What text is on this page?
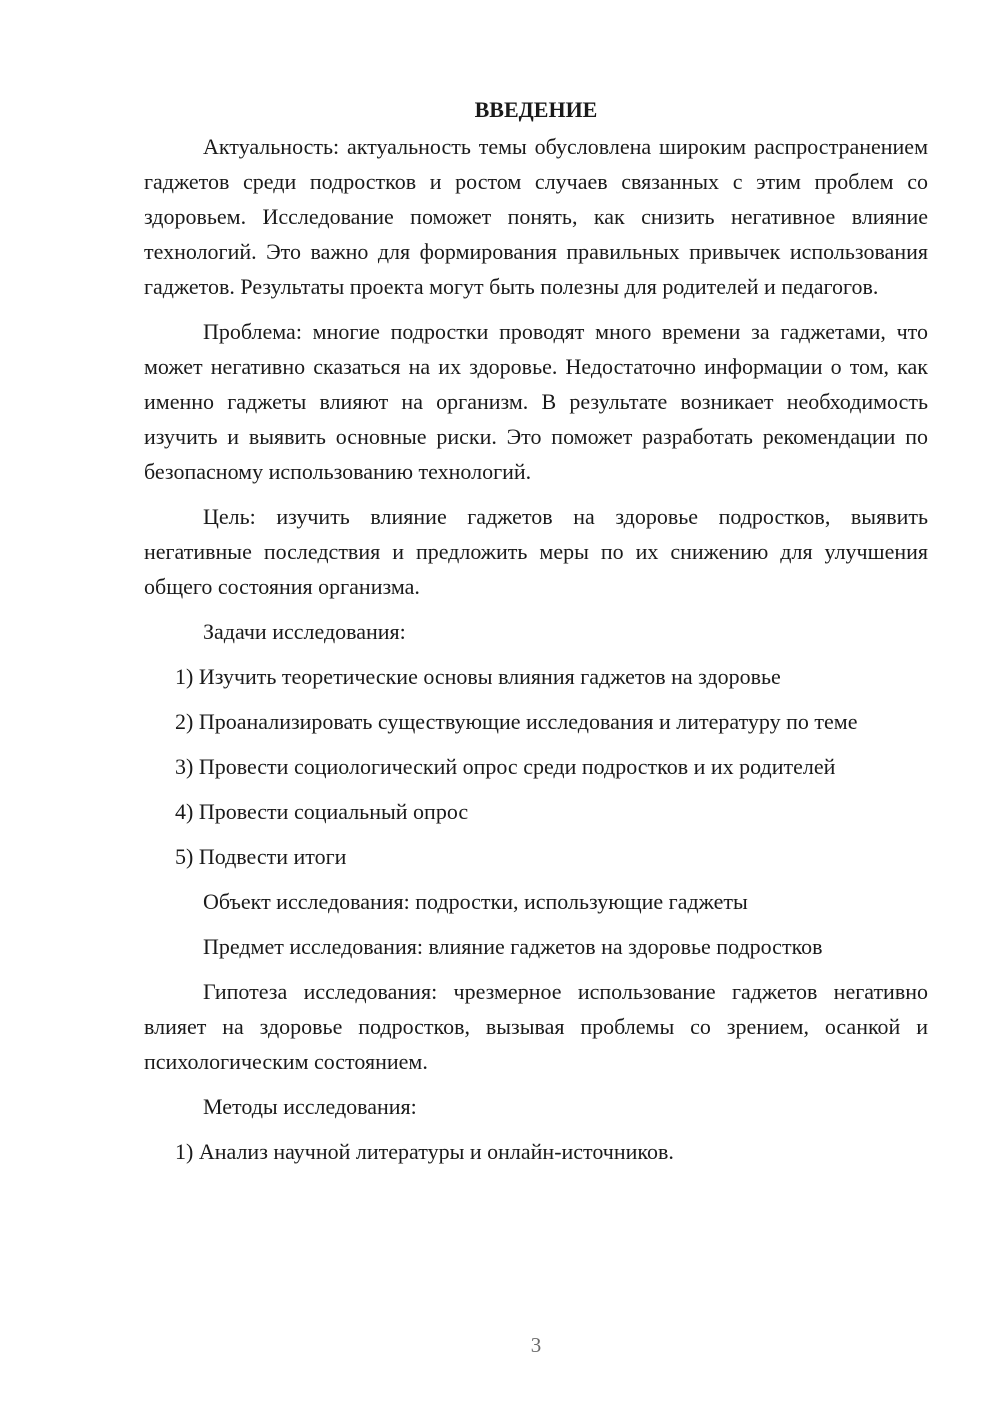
ВВЕДЕНИЕ

Актуальность: актуальность темы обусловлена широким распространением гаджетов среди подростков и ростом случаев связанных с этим проблем со здоровьем. Исследование поможет понять, как снизить негативное влияние технологий. Это важно для формирования правильных привычек использования гаджетов. Результаты проекта могут быть полезны для родителей и педагогов.

Проблема: многие подростки проводят много времени за гаджетами, что может негативно сказаться на их здоровье. Недостаточно информации о том, как именно гаджеты влияют на организм. В результате возникает необходимость изучить и выявить основные риски. Это поможет разработать рекомендации по безопасному использованию технологий.

Цель: изучить влияние гаджетов на здоровье подростков, выявить негативные последствия и предложить меры по их снижению для улучшения общего состояния организма.

Задачи исследования:

1) Изучить теоретические основы влияния гаджетов на здоровье

2) Проанализировать существующие исследования и литературу по теме

3) Провести социологический опрос среди подростков и их родителей

4) Провести социальный опрос

5) Подвести итоги

Объект исследования: подростки, использующие гаджеты

Предмет исследования: влияние гаджетов на здоровье подростков

Гипотеза исследования: чрезмерное использование гаджетов негативно влияет на здоровье подростков, вызывая проблемы со зрением, осанкой и психологическим состоянием.

Методы исследования:

1) Анализ научной литературы и онлайн-источников.

3
